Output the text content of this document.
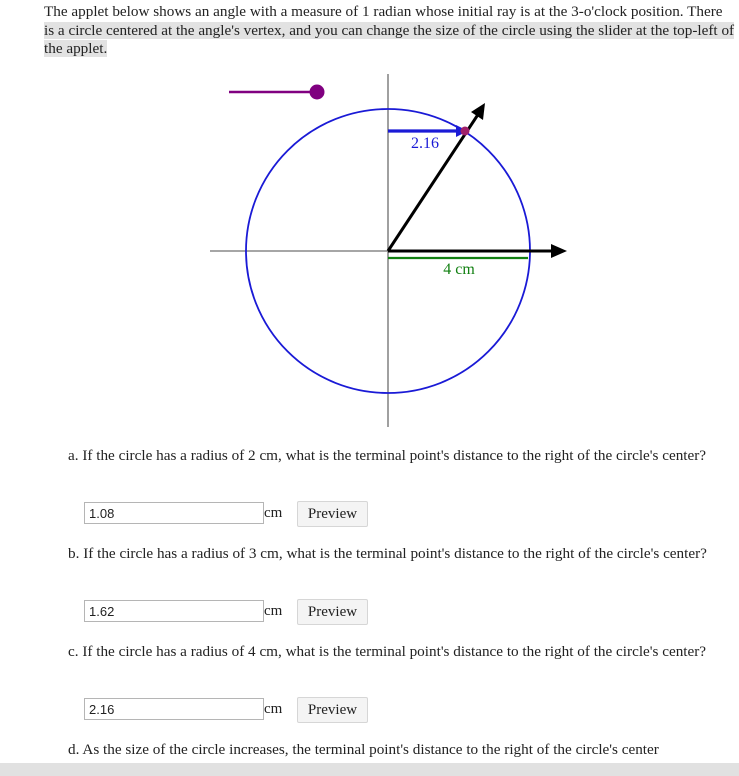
The applet below shows an angle with a measure of 1 radian whose initial ray is at the 3-o'clock position. There is a circle centered at the angle's vertex, and you can change the size of the circle using the slider at the top-left of the applet.

2.16
4 cm

a. If the circle has a radius of 2 cm, what is the terminal point's distance to the right of the circle's center?

1.08
cm	Preview

b. If the circle has a radius of 3 cm, what is the terminal point's distance to the right of the circle's center?

1.62
cm	Preview

c. If the circle has a radius of 4 cm, what is the terminal point's distance to the right of the circle's center?

2.16
cm	Preview

d. As the size of the circle increases, the terminal point's distance to the right of the circle's center
